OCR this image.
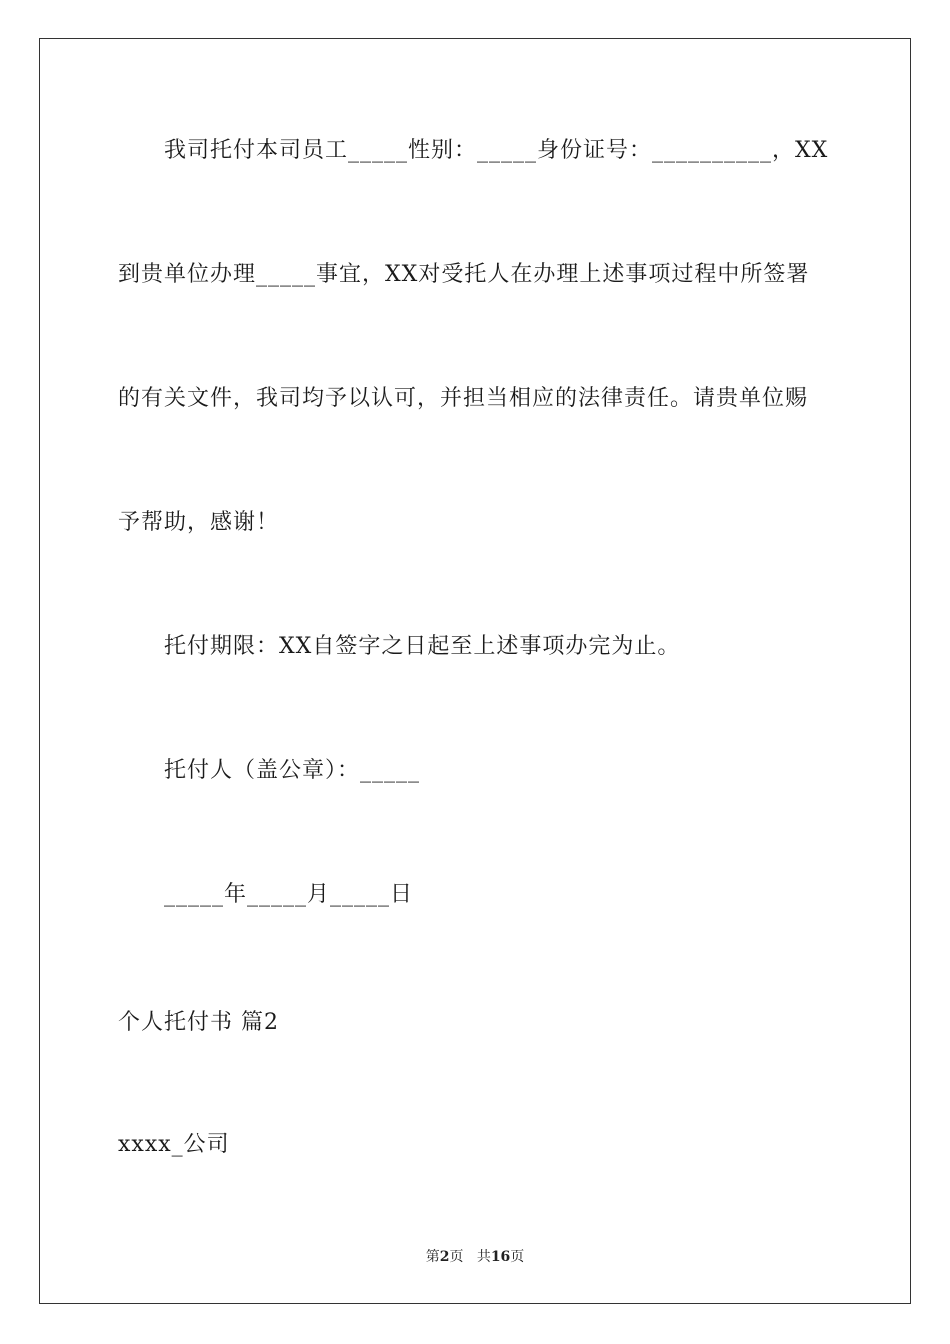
我司托付本司员工_____性别：_____身份证号：__________，XX
到贵单位办理_____事宜，XX对受托人在办理上述事项过程中所签署
的有关文件，我司均予以认可，并担当相应的法律责任。请贵单位赐
予帮助，感谢！
托付期限：XX自签字之日起至上述事项办完为止。
托付人（盖公章）：_____
_____年_____月_____日
个人托付书 篇2
xxxx_公司
第2页 共16页
